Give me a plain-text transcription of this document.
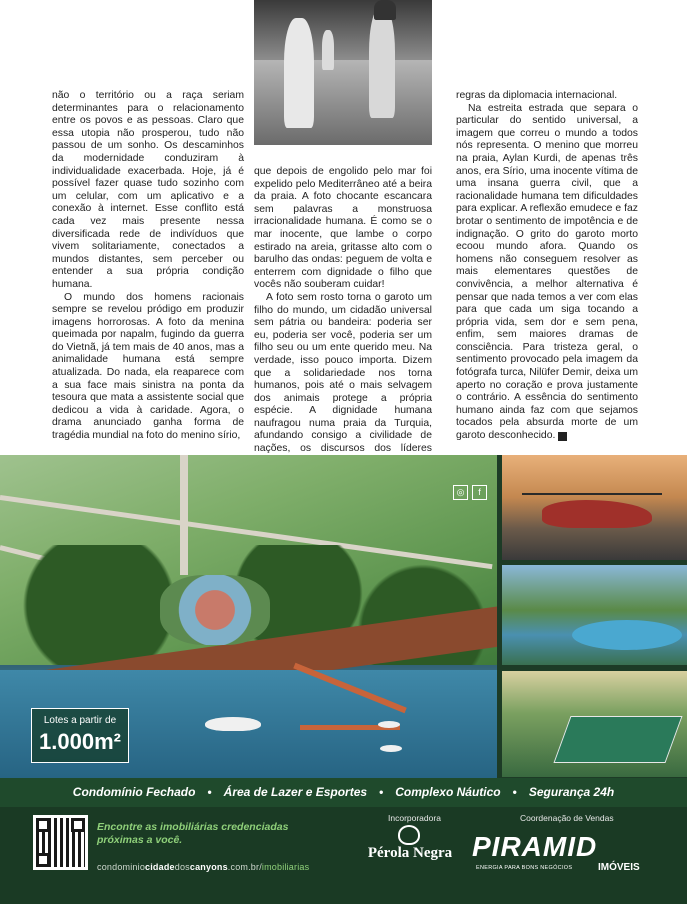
não o território ou a raça seriam determinantes para o relacionamento entre os povos e as pessoas. Claro que essa utopia não prosperou, tudo não passou de um sonho. Os descaminhos da modernidade conduziram à individualidade exacerbada. Hoje, já é possível fazer quase tudo sozinho com um celular, com um aplicativo e a conexão à internet. Esse conflito está cada vez mais presente nessa diversificada rede de indivíduos que vivem solitariamente, conectados a mundos distantes, sem perceber ou entender a sua própria condição humana.

O mundo dos homens racionais sempre se revelou pródigo em produzir imagens horrorosas. A foto da menina queimada por napalm, fugindo da guerra do Vietnã, já tem mais de 40 anos, mas a animalidade humana está sempre atualizada. Do nada, ela reaparece com a sua face mais sinistra na ponta da tesoura que mata a assistente social que dedicou a vida à caridade. Agora, o drama anunciado ganha forma de tragédia mundial na foto do menino sírio,

que depois de engolido pelo mar foi expelido pelo Mediterrâneo até a beira da praia. A foto chocante escancara sem palavras a monstruosa irracionalidade humana. É como se o mar inocente, que lambe o corpo estirado na areia, gritasse alto com o barulho das ondas: peguem de volta e enterrem com dignidade o filho que vocês não souberam cuidar!

A foto sem rosto torna o garoto um filho do mundo, um cidadão universal sem pátria ou bandeira: poderia ser eu, poderia ser você, poderia ser um filho seu ou um ente querido meu. Na verdade, isso pouco importa. Dizem que a solidariedade nos torna humanos, pois até o mais selvagem dos animais protege a própria espécie. A dignidade humana naufragou numa praia da Turquia, afundando consigo a civilidade de nações, os discursos dos líderes

regras da diplomacia internacional.

Na estreita estrada que separa o particular do sentido universal, a imagem que correu o mundo a todos nós representa. O menino que morreu na praia, Aylan Kurdi, de apenas três anos, era Sírio, uma inocente vítima de uma insana guerra civil, que a racionalidade humana tem dificuldades para explicar. A reflexão emudece e faz brotar o sentimento de impotência e de indignação. O grito do garoto morto ecoou mundo afora. Quando os homens não conseguem resolver as mais elementares questões de convivência, a melhor alternativa é pensar que nada temos a ver com elas para que cada um siga tocando a própria vida, sem dor e sem pena, enfim, sem maiores dramas de consciência. Para tristeza geral, o sentimento provocado pela imagem da fotógrafa turca, Nilüfer Demir, deixa um aperto no coração e prova justamente o contrário. A essência do sentimento humano ainda faz com que sejamos tocados pela absurda morte de um garoto desconhecido. C

◎	f
Lotes a partir de
1.000m²
Condomínio Fechado • Área de Lazer e Esportes • Complexo Náutico • Segurança 24h
Encontre as imobiliárias credenciadas próximas a você.
condominiocidadedoscanyons.com.br/imobiliarias
Incorporadora
Pérola Negra
Coordenação de Vendas
PIRAMID
ENERGIA PARA BONS NEGÓCIOS	IMÓVEIS
